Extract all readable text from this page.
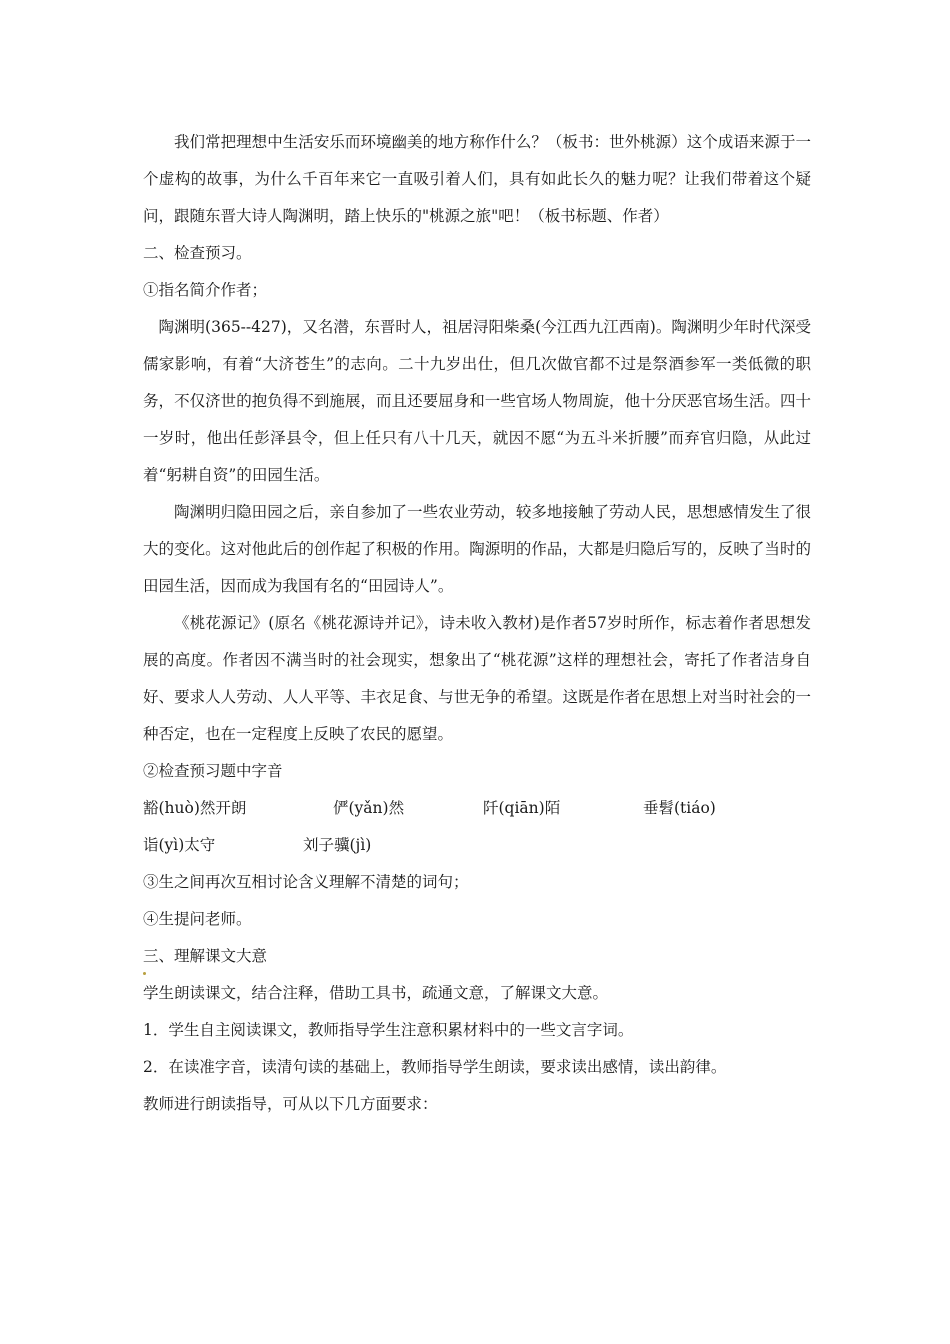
我们常把理想中生活安乐而环境幽美的地方称作什么？（板书：世外桃源）这个成语来源于一个虚构的故事，为什么千百年来它一直吸引着人们，具有如此长久的魅力呢？让我们带着这个疑问，跟随东晋大诗人陶渊明，踏上快乐的"桃源之旅"吧！（板书标题、作者）

二、检查预习。

①指名简介作者；

陶渊明(365--427)，又名潜，东晋时人，祖居浔阳柴桑(今江西九江西南)。陶渊明少年时代深受儒家影响，有着“大济苍生”的志向。二十九岁出仕，但几次做官都不过是祭酒参军一类低微的职务，不仅济世的抱负得不到施展，而且还要屈身和一些官场人物周旋，他十分厌恶官场生活。四十一岁时，他出任彭泽县令，但上任只有八十几天，就因不愿“为五斗米折腰”而弃官归隐，从此过着“躬耕自资”的田园生活。

陶渊明归隐田园之后，亲自参加了一些农业劳动，较多地接触了劳动人民，思想感情发生了很大的变化。这对他此后的创作起了积极的作用。陶源明的作品，大都是归隐后写的，反映了当时的田园生活，因而成为我国有名的“田园诗人”。

《桃花源记》(原名《桃花源诗并记》，诗未收入教材)是作者57岁时所作，标志着作者思想发展的高度。作者因不满当时的社会现实，想象出了“桃花源”这样的理想社会，寄托了作者洁身自好、要求人人劳动、人人平等、丰衣足食、与世无争的希望。这既是作者在思想上对当时社会的一种否定，也在一定程度上反映了农民的愿望。

②检查预习题中字音

豁(huò)然开朗	俨(yǎn)然	阡(qiān)陌	垂髫(tiáo)
诣(yì)太守	刘子骥(jì)

③生之间再次互相讨论含义理解不清楚的词句；

④生提问老师。

三、理解课文大意

学生朗读课文，结合注释，借助工具书，疏通文意，了解课文大意。

1．学生自主阅读课文，教师指导学生注意积累材料中的一些文言字词。

2．在读准字音，读清句读的基础上，教师指导学生朗读，要求读出感情，读出韵律。

教师进行朗读指导，可从以下几方面要求：
